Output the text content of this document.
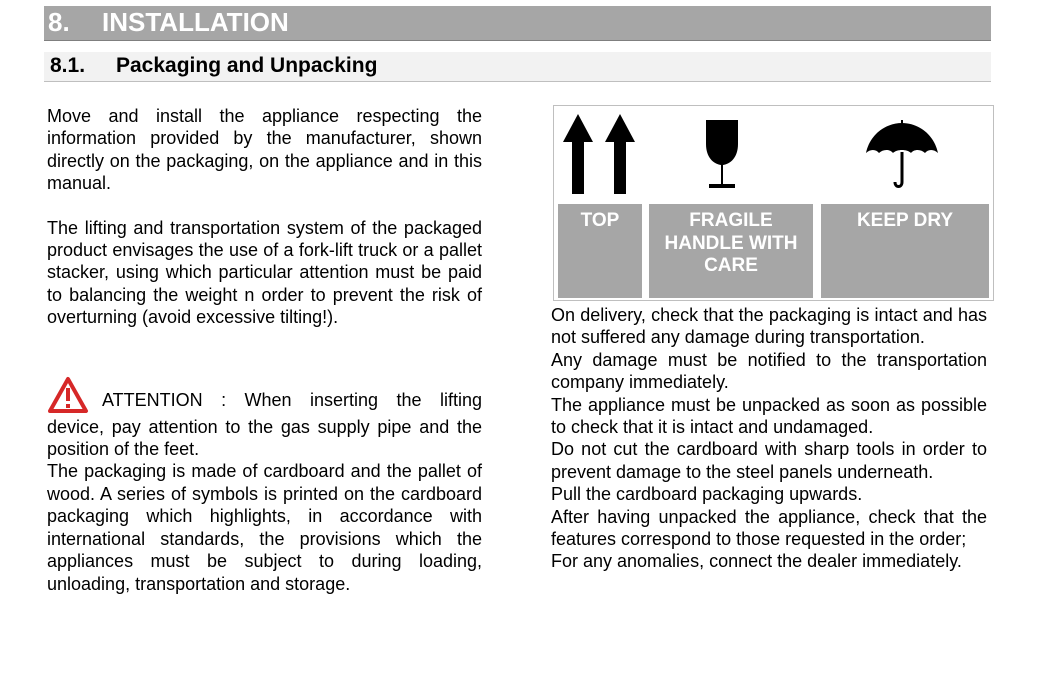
8. INSTALLATION
8.1. Packaging and Unpacking

Move and install the appliance respecting the information provided by the manufacturer, shown directly on the packaging, on the appliance and in this manual.

The lifting and transportation system of the packaged product envisages the use of a fork-lift truck or a pallet stacker, using which particular attention must be paid to balancing the weight n order to prevent the risk of overturning (avoid excessive tilting!).

ATTENTION : When inserting the lifting

device, pay attention to the gas supply pipe and the position of the feet.

The packaging is made of cardboard and the pallet of wood. A series of symbols is printed on the cardboard packaging which highlights, in accordance with international standards, the provisions which the appliances must be subject to during loading, unloading, transportation and storage.

TOP	FRAGILE HANDLE WITH CARE
KEEP DRY

On delivery, check that the packaging is intact and has not suffered any damage during transportation.

Any damage must be notified to the transportation company immediately.

The appliance must be unpacked as soon as possible to check that it is intact and undamaged.

Do not cut the cardboard with sharp tools in order to prevent damage to the steel panels underneath.

Pull the cardboard packaging upwards.

After having unpacked the appliance, check that the features correspond to those requested in the order;

For any anomalies, connect the dealer immediately.
